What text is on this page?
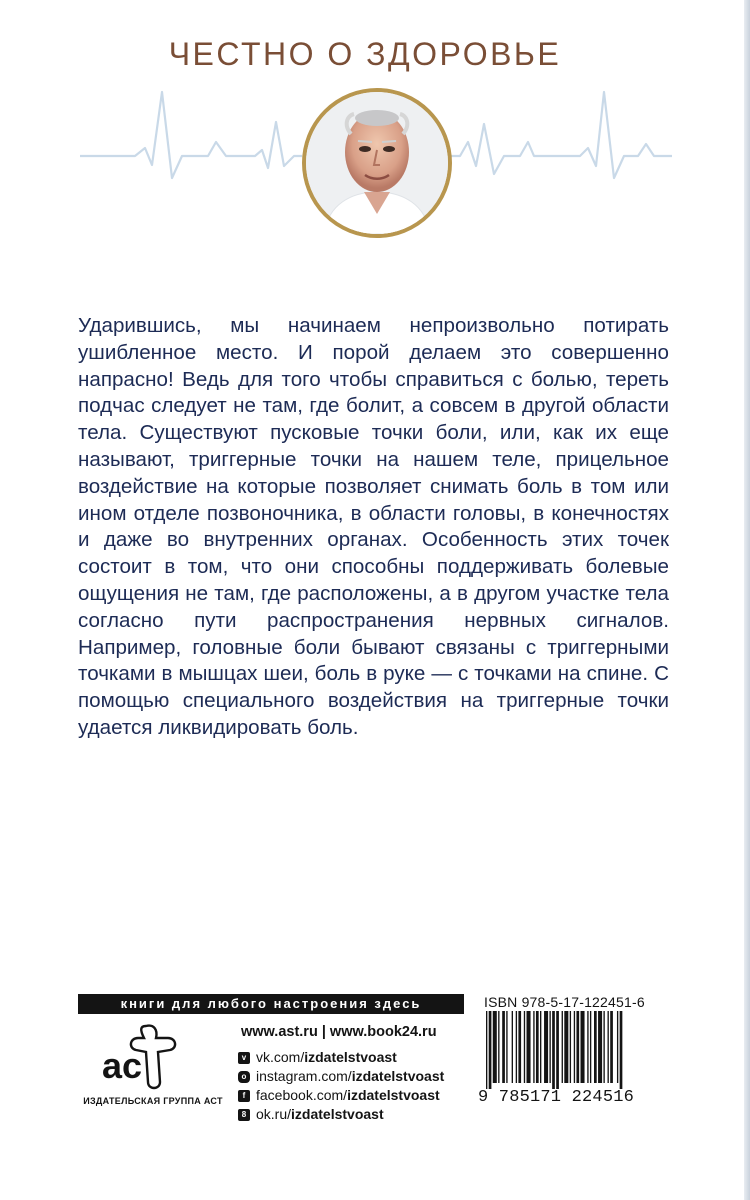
ЧЕСТНО О ЗДОРОВЬЕ

Ударившись, мы начинаем непроизвольно потирать ушибленное место. И порой делаем это совершенно напрасно! Ведь для того чтобы справиться с болью, тереть подчас следует не там, где болит, а совсем в другой области тела. Существуют пусковые точки боли, или, как их еще называют, триггерные точки на нашем теле, прицельное воздействие на которые позволяет снимать боль в том или ином отделе позвоночника, в области головы, в конечностях и даже во внутренних органах. Особенность этих точек состоит в том, что они способны поддерживать болевые ощущения не там, где расположены, а в другом участке тела согласно пути распространения нервных сигналов. Например, головные боли бывают связаны с триггерными точками в мышцах шеи, боль в руке — с точками на спине. С помощью специального воздействия на триггерные точки удается ликвидировать боль.

книги для любого настроения здесь
ac
ИЗДАТЕЛЬСКАЯ ГРУППА АСТ
www.ast.ru | www.book24.ru
v vk.com/ izdatelstvoast
o instagram.com/ izdatelstvoast
f facebook.com/ izdatelstvoast
8 ok.ru/ izdatelstvoast
ISBN 978-5-17-122451-6
9 785171 224516
